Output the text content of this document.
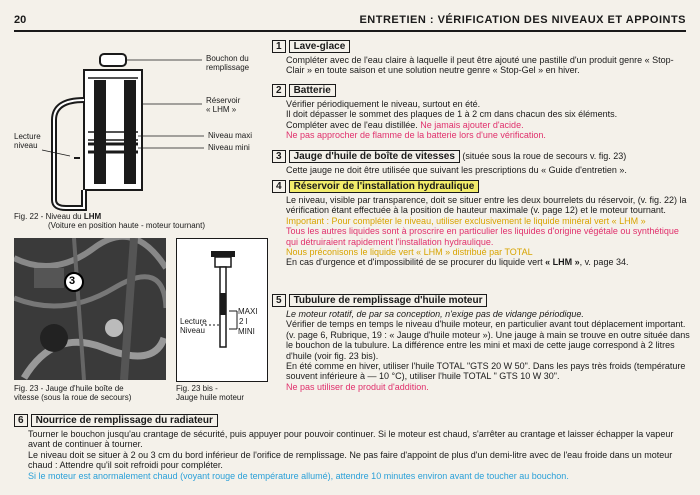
20	ENTRETIEN : VÉRIFICATION DES NIVEAUX ET APPOINTS
Bouchon du
remplissage
Réservoir
« LHM »
Niveau maxi
Niveau mini
Lecture
niveau
Fig. 22 - Niveau du LHM
(Voiture en position haute - moteur tournant)
3
Fig. 23 - Jauge d'huile boîte de
vitesse (sous la roue de secours)
MAXI
2 l
MINI
Lecture
Niveau
Fig. 23 bis -
Jauge huile moteur
1 Lave-glace
Compléter avec de l'eau claire à laquelle il peut être ajouté une pastille d'un produit genre « Stop-Clair » en toute saison et une solution neutre genre « Stop-Gel » en hiver.
2 Batterie
Vérifier périodiquement le niveau, surtout en été.
Il doit dépasser le sommet des plaques de 1 à 2 cm dans chacun des six éléments.
Compléter avec de l'eau distillée. Ne jamais ajouter d'acide.
Ne pas approcher de flamme de la batterie lors d'une vérification.
3 Jauge d'huile de boîte de vitesses (située sous la roue de secours v. fig. 23)
Cette jauge ne doit être utilisée que suivant les prescriptions du « Guide d'entretien ».
4 Réservoir de l'installation hydraulique
Le niveau, visible par transparence, doit se situer entre les deux bourrelets du réservoir, (v. fig. 22) la vérification étant effectuée à la position de hauteur maximale (v. page 12) et le moteur tournant.
Important : Pour compléter le niveau, utiliser exclusivement le liquide minéral vert « LHM »
Tous les autres liquides sont à proscrire en particulier les liquides d'origine végétale ou synthétique qui détruiraient rapidement l'installation hydraulique.
Nous préconisons le liquide vert « LHM » distribué par TOTAL
En cas d'urgence et d'impossibilité de se procurer du liquide vert « LHM », v. page 34.
5 Tubulure de remplissage d'huile moteur
Le moteur rotatif, de par sa conception, n'exige pas de vidange périodique.
Vérifier de temps en temps le niveau d'huile moteur, en particulier avant tout déplacement important. (v. page 6, Rubrique, 19 : « Jauge d'huile moteur »). Une jauge à main se trouve en outre située dans le bouchon de la tubulure. La différence entre les mini et maxi de cette jauge correspond à 2 litres d'huile (voir fig. 23 bis).
En été comme en hiver, utiliser l'huile TOTAL "GTS 20 W 50". Dans les pays très froids (température souvent inférieure à — 10 °C), utiliser l'huile TOTAL " GTS 10 W 30".
Ne pas utiliser de produit d'addition.
6 Nourrice de remplissage du radiateur
Tourner le bouchon jusqu'au crantage de sécurité, puis appuyer pour pouvoir continuer. Si le moteur est chaud, s'arrêter au crantage et laisser échapper la vapeur avant de continuer à tourner.
Le niveau doit se situer à 2 ou 3 cm du bord inférieur de l'orifice de remplissage. Ne pas faire d'appoint de plus d'un demi-litre avec de l'eau froide dans un moteur chaud : Attendre qu'il soit refroidi pour compléter.
Si le moteur est anormalement chaud (voyant rouge de température allumé), attendre 10 minutes environ avant de toucher au bouchon.
